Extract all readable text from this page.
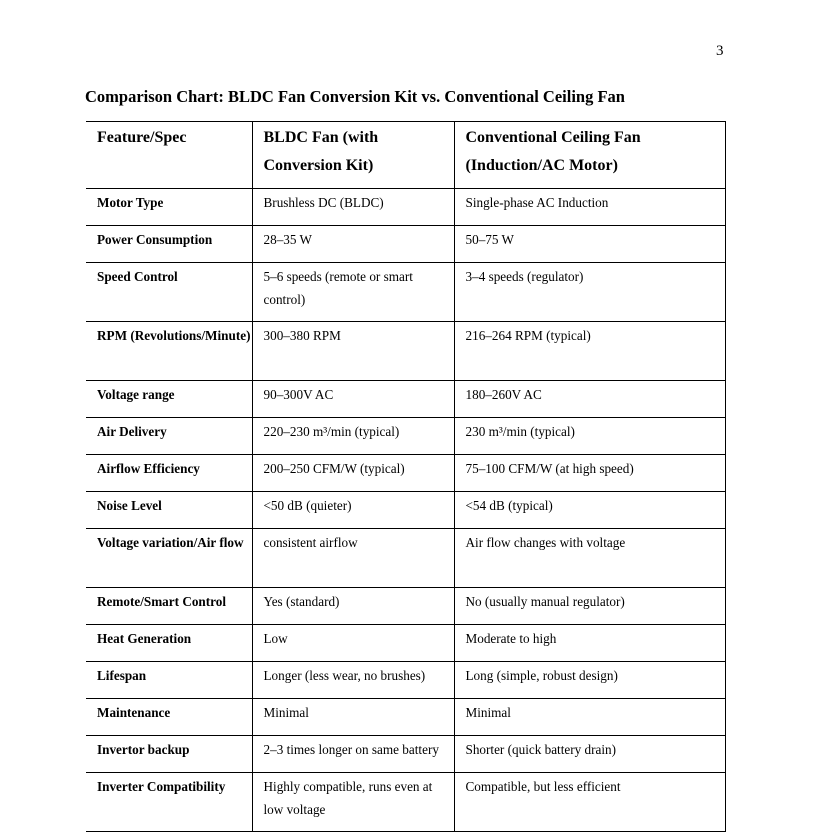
3
Comparison Chart: BLDC Fan Conversion Kit vs. Conventional Ceiling Fan
Feature/Spec	BLDC Fan (with Conversion Kit)	Conventional Ceiling Fan (Induction/AC Motor)
Motor Type	Brushless DC (BLDC)	Single-phase AC Induction
Power Consumption	28–35 W	50–75 W
Speed Control	5–6 speeds (remote or smart control)	3–4 speeds (regulator)
RPM (Revolutions/Minute)	300–380 RPM	216–264 RPM (typical)
Voltage range	90–300V AC	180–260V AC
Air Delivery	220–230 m³/min (typical)	230 m³/min (typical)
Airflow Efficiency	200–250 CFM/W (typical)	75–100 CFM/W (at high speed)
Noise Level	<50 dB (quieter)	<54 dB (typical)
Voltage variation/Air flow	consistent airflow	Air flow changes with voltage
Remote/Smart Control	Yes (standard)	No (usually manual regulator)
Heat Generation	Low	Moderate to high
Lifespan	Longer (less wear, no brushes)	Long (simple, robust design)
Maintenance	Minimal	Minimal
Invertor backup	2–3 times longer on same battery	Shorter (quick battery drain)
Inverter Compatibility	Highly compatible, runs even at low voltage	Compatible, but less efficient
